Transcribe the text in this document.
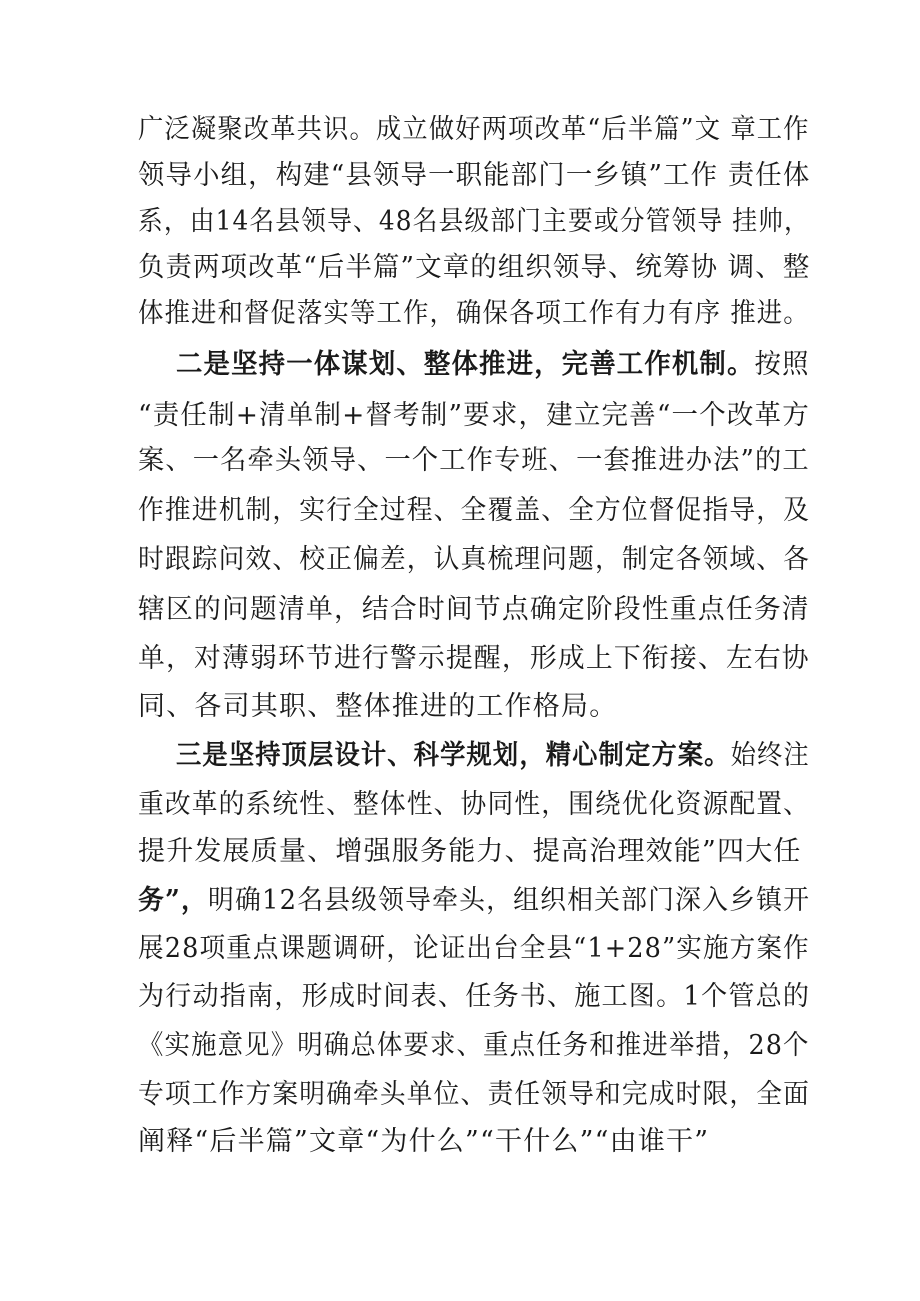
广泛凝聚改革共识。成立做好两项改革“后半篇”文 章工作
领导小组，构建“县领导一职能部门一乡镇”工作 责任体
系，由14名县领导、48名县级部门主要或分管领导 挂帅，
负责两项改革“后半篇”文章的组织领导、统筹协 调、整
体推进和督促落实等工作，确保各项工作有力有序 推进。
二是坚持一体谋划、整体推进，完善工作机制。按照
“责任制+清单制+督考制”要求，建立完善“一个改革方
案、一名牵头领导、一个工作专班、一套推进办法”的工
作推进机制，实行全过程、全覆盖、全方位督促指导，及
时跟踪问效、校正偏差，认真梳理问题，制定各领域、各
辖区的问题清单，结合时间节点确定阶段性重点任务清
单，对薄弱环节进行警示提醒，形成上下衔接、左右协
同、各司其职、整体推进的工作格局。
三是坚持顶层设计、科学规划，精心制定方案。始终注
重改革的系统性、整体性、协同性，围绕优化资源配置、
提升发展质量、增强服务能力、提高治理效能”四大任
务”，明确12名县级领导牵头，组织相关部门深入乡镇开
展28项重点课题调研，论证出台全县“1+28”实施方案作
为行动指南，形成时间表、任务书、施工图。1个管总的
《实施意见》明确总体要求、重点任务和推进举措，28个
专项工作方案明确牵头单位、责任领导和完成时限，全面
阐释“后半篇”文章“为什么”“干什么”“由谁干”
